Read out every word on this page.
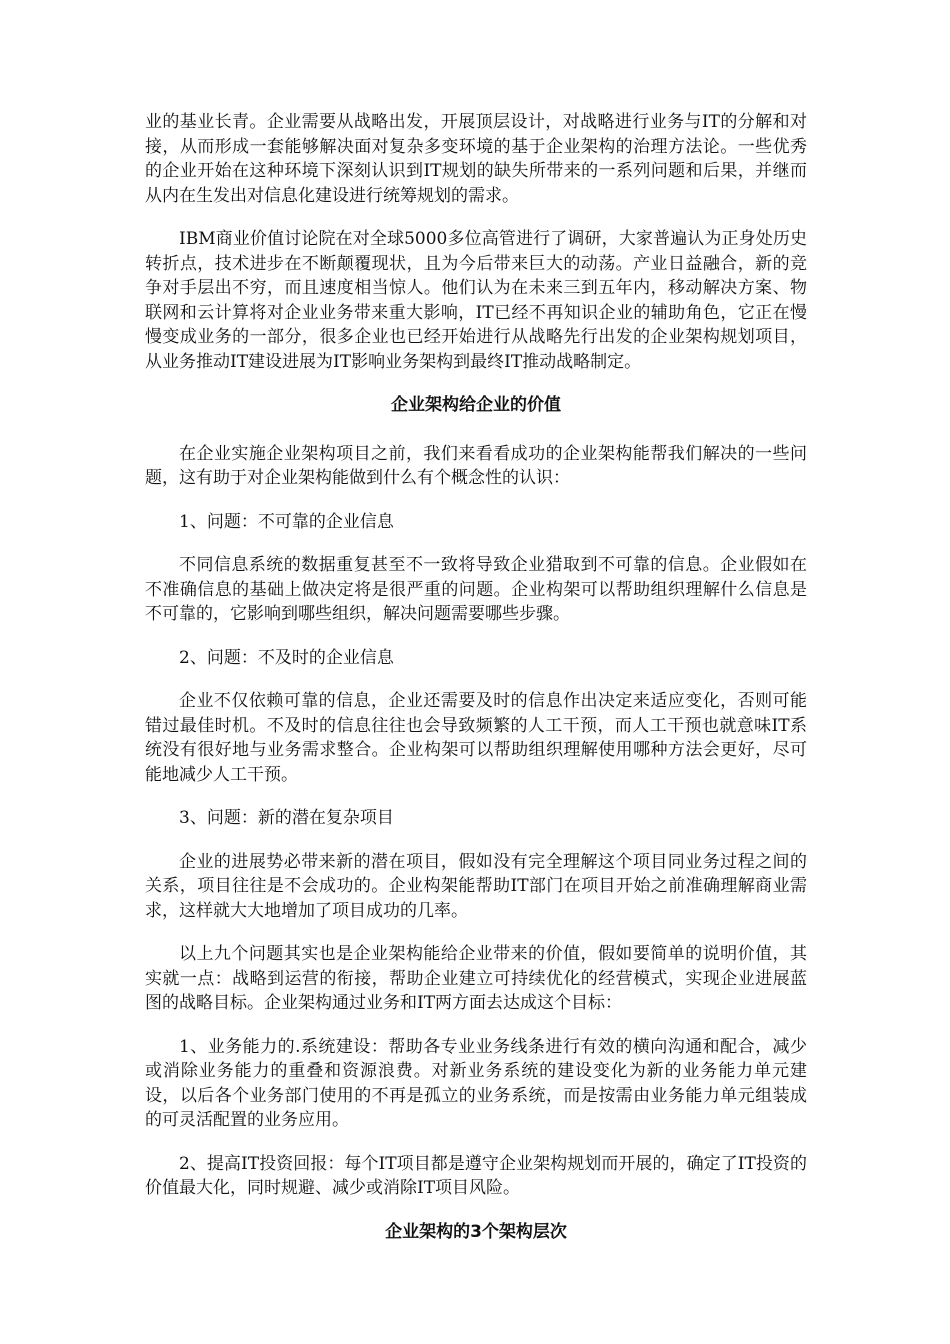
业的基业长青。企业需要从战略出发，开展顶层设计，对战略进行业务与IT的分解和对接，从而形成一套能够解决面对复杂多变环境的基于企业架构的治理方法论。一些优秀的企业开始在这种环境下深刻认识到IT规划的缺失所带来的一系列问题和后果，并继而从内在生发出对信息化建设进行统筹规划的需求。

IBM商业价值讨论院在对全球5000多位高管进行了调研，大家普遍认为正身处历史转折点，技术进步在不断颠覆现状，且为今后带来巨大的动荡。产业日益融合，新的竞争对手层出不穷，而且速度相当惊人。他们认为在未来三到五年内，移动解决方案、物联网和云计算将对企业业务带来重大影响，IT已经不再知识企业的辅助角色，它正在慢慢变成业务的一部分，很多企业也已经开始进行从战略先行出发的企业架构规划项目，从业务推动IT建设进展为IT影响业务架构到最终IT推动战略制定。

企业架构给企业的价值

在企业实施企业架构项目之前，我们来看看成功的企业架构能帮我们解决的一些问题，这有助于对企业架构能做到什么有个概念性的认识：

1、问题：不可靠的企业信息

不同信息系统的数据重复甚至不一致将导致企业猎取到不可靠的信息。企业假如在不准确信息的基础上做决定将是很严重的问题。企业构架可以帮助组织理解什么信息是不可靠的，它影响到哪些组织，解决问题需要哪些步骤。

2、问题：不及时的企业信息

企业不仅依赖可靠的信息，企业还需要及时的信息作出决定来适应变化，否则可能错过最佳时机。不及时的信息往往也会导致频繁的人工干预，而人工干预也就意味IT系统没有很好地与业务需求整合。企业构架可以帮助组织理解使用哪种方法会更好，尽可能地减少人工干预。

3、问题：新的潜在复杂项目

企业的进展势必带来新的潜在项目，假如没有完全理解这个项目同业务过程之间的关系，项目往往是不会成功的。企业构架能帮助IT部门在项目开始之前准确理解商业需求，这样就大大地增加了项目成功的几率。

以上九个问题其实也是企业架构能给企业带来的价值，假如要简单的说明价值，其实就一点：战略到运营的衔接，帮助企业建立可持续优化的经营模式，实现企业进展蓝图的战略目标。企业架构通过业务和IT两方面去达成这个目标：

1、业务能力的.系统建设：帮助各专业业务线条进行有效的横向沟通和配合，减少或消除业务能力的重叠和资源浪费。对新业务系统的建设变化为新的业务能力单元建设，以后各个业务部门使用的不再是孤立的业务系统，而是按需由业务能力单元组装成的可灵活配置的业务应用。

2、提高IT投资回报：每个IT项目都是遵守企业架构规划而开展的，确定了IT投资的价值最大化，同时规避、减少或消除IT项目风险。

企业架构的3个架构层次
